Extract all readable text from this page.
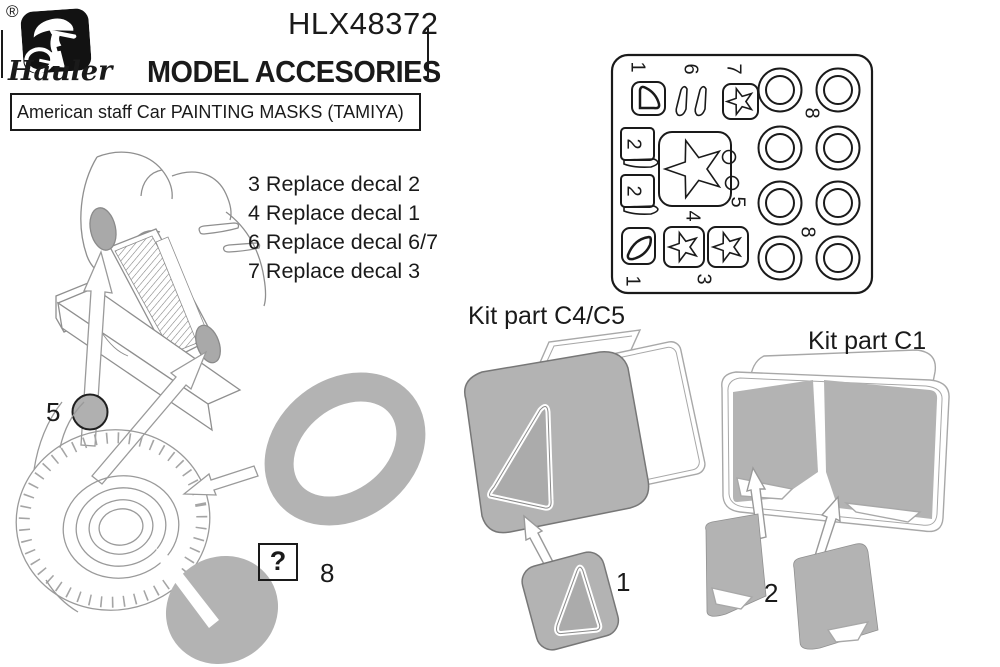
®
Hauler
HLX48372
MODEL ACCESORIES
American staff Car PAINTING MASKS (TAMIYA)
3 Replace decal 2
4 Replace decal 1
6 Replace decal 6/7
7 Replace decal 3
Kit part C4/C5
Kit part C1
5
8
?
1	2
1 6 7
2
2
4
5
1 3
8
8
